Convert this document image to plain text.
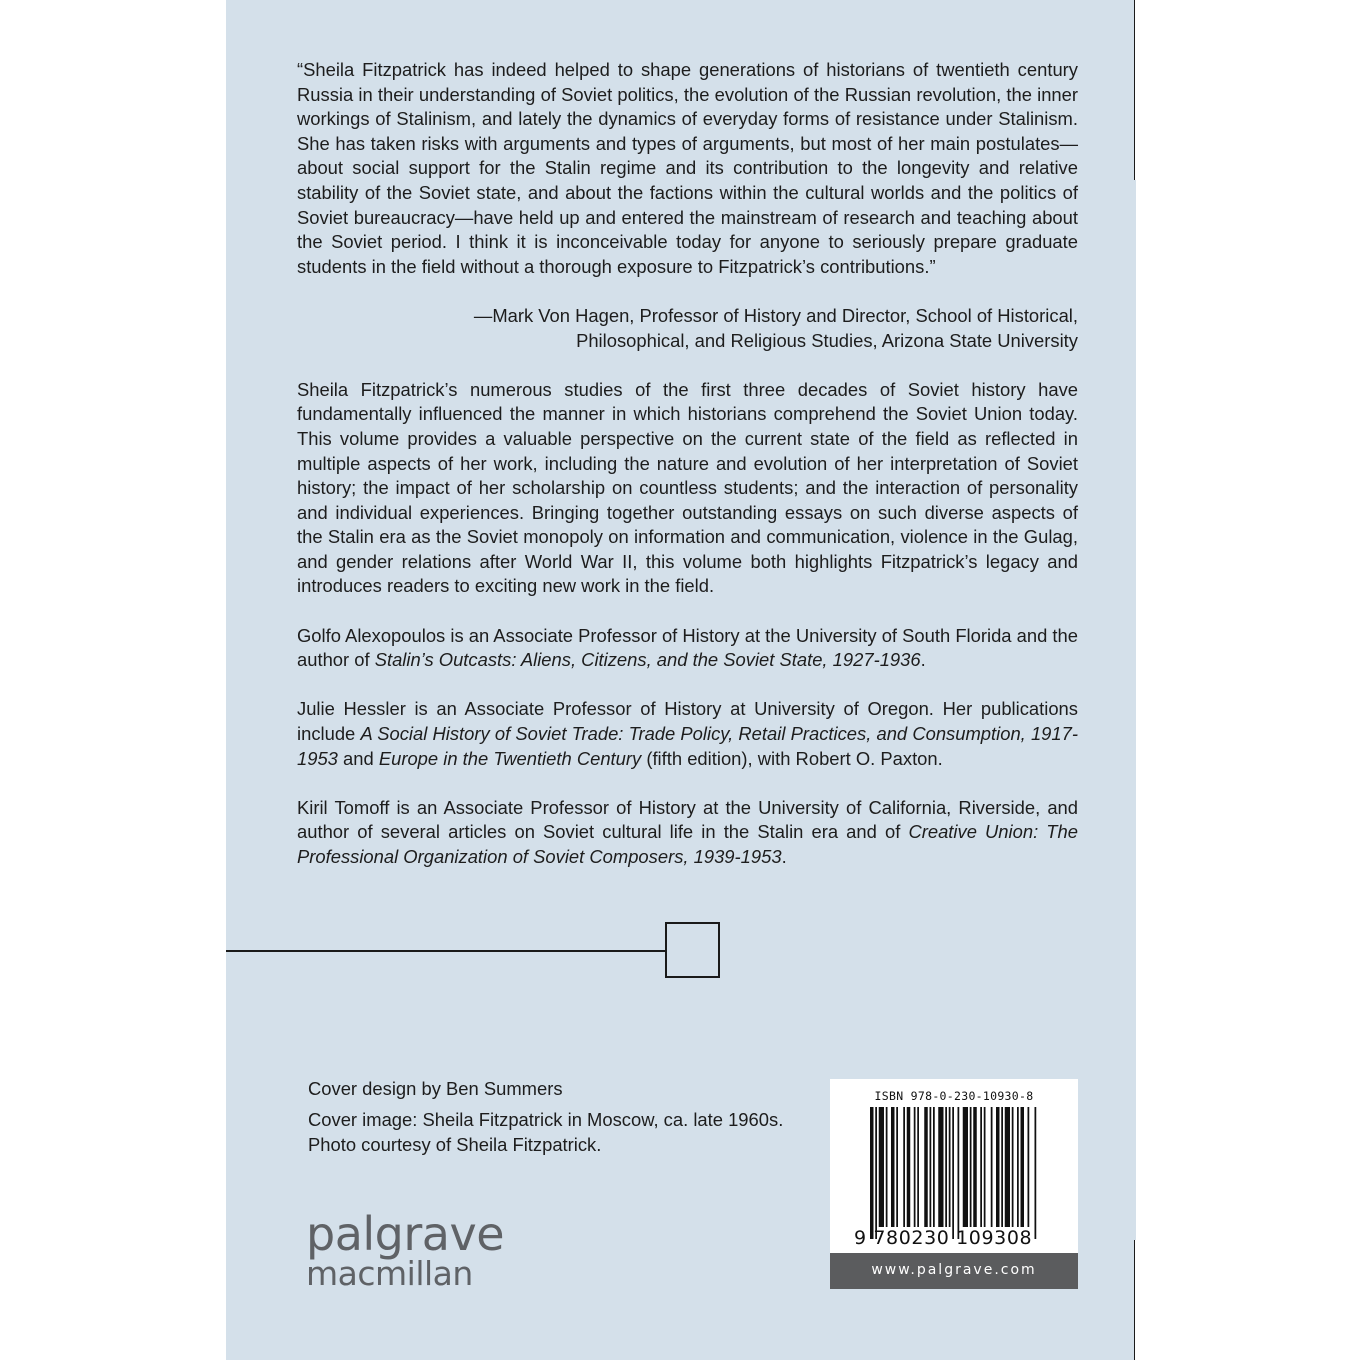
“Sheila Fitzpatrick has indeed helped to shape generations of historians of twentieth century Russia in their understanding of Soviet politics, the evolution of the Russian revolution, the inner workings of Stalinism, and lately the dynamics of everyday forms of resistance under Stalinism. She has taken risks with arguments and types of arguments, but most of her main postulates—about social support for the Stalin regime and its contribution to the longevity and relative stability of the Soviet state, and about the factions within the cultural worlds and the politics of Soviet bureaucracy—have held up and entered the mainstream of research and teaching about the Soviet period. I think it is inconceivable today for anyone to seriously prepare graduate students in the field without a thorough exposure to Fitzpatrick’s contributions.”

—Mark Von Hagen, Professor of History and Director, School of Historical,
Philosophical, and Religious Studies, Arizona State University

Sheila Fitzpatrick’s numerous studies of the first three decades of Soviet history have fundamentally influenced the manner in which historians comprehend the Soviet Union today. This volume provides a valuable perspective on the current state of the field as reflected in multiple aspects of her work, including the nature and evolution of her interpretation of Soviet history; the impact of her scholarship on countless students; and the interaction of personality and individual experiences. Bringing together outstanding essays on such diverse aspects of the Stalin era as the Soviet monopoly on information and communication, violence in the Gulag, and gender relations after World War II, this volume both highlights Fitzpatrick’s legacy and introduces readers to exciting new work in the field.

Golfo Alexopoulos is an Associate Professor of History at the University of South Florida and the author of Stalin’s Outcasts: Aliens, Citizens, and the Soviet State, 1927-1936.

Julie Hessler is an Associate Professor of History at University of Oregon. Her publications include A Social History of Soviet Trade: Trade Policy, Retail Practices, and Consumption, 1917-1953 and Europe in the Twentieth Century (fifth edition), with Robert O. Paxton.

Kiril Tomoff is an Associate Professor of History at the University of California, Riverside, and author of several articles on Soviet cultural life in the Stalin era and of Creative Union: The Professional Organization of Soviet Composers, 1939-1953.

Cover design by Ben Summers
Cover image: Sheila Fitzpatrick in Moscow, ca. late 1960s.
Photo courtesy of Sheila Fitzpatrick.
palgrave
macmillan
ISBN 978-0-230-10930-8
9 780230 109308
www.palgrave.com
